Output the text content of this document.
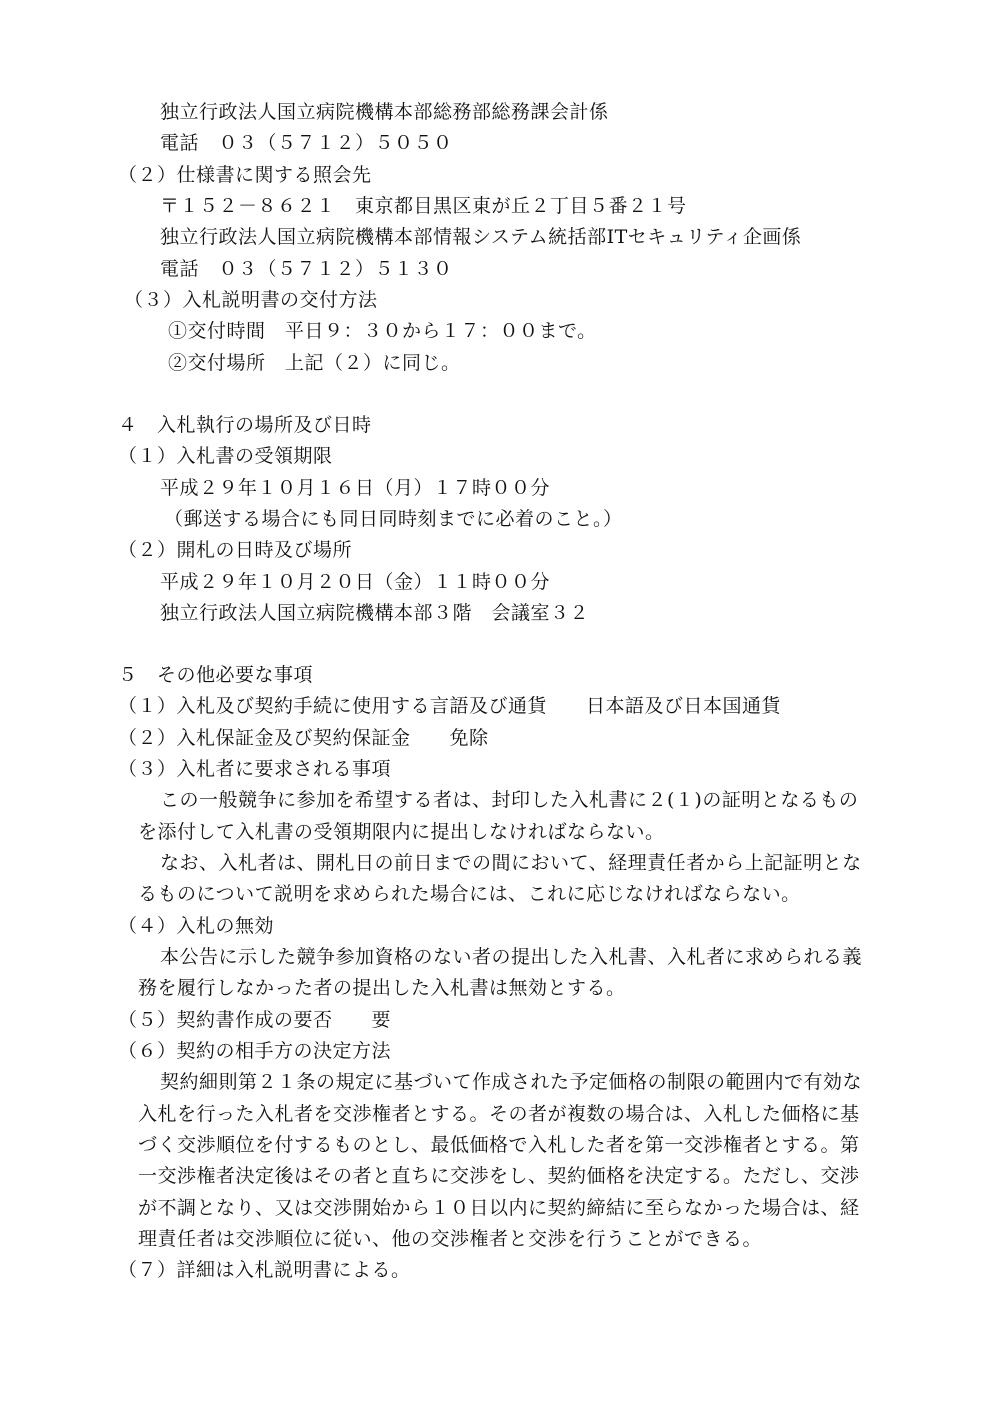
独立行政法人国立病院機構本部総務部総務課会計係
電話　０３（５７１２）５０５０
（２）仕様書に関する照会先
〒１５２－８６２１　東京都目黒区東が丘２丁目５番２１号
独立行政法人国立病院機構本部情報システム統括部ITセキュリティ企画係
電話　０３（５７１２）５１３０
（３）入札説明書の交付方法
①交付時間　平日９：３０から１７：００まで。
②交付場所　上記（２）に同じ。
４　入札執行の場所及び日時
（１）入札書の受領期限
平成２９年１０月１６日（月）１７時００分
（郵送する場合にも同日同時刻までに必着のこと。）
（２）開札の日時及び場所
平成２９年１０月２０日（金）１１時００分
独立行政法人国立病院機構本部３階　会議室３２
５　その他必要な事項
（１）入札及び契約手続に使用する言語及び通貨　　日本語及び日本国通貨
（２）入札保証金及び契約保証金　　免除
（３）入札者に要求される事項
この一般競争に参加を希望する者は、封印した入札書に２(１)の証明となるもの
を添付して入札書の受領期限内に提出しなければならない。
なお、入札者は、開札日の前日までの間において、経理責任者から上記証明とな
るものについて説明を求められた場合には、これに応じなければならない。
（４）入札の無効
本公告に示した競争参加資格のない者の提出した入札書、入札者に求められる義
務を履行しなかった者の提出した入札書は無効とする。
（５）契約書作成の要否　　要
（６）契約の相手方の決定方法
契約細則第２１条の規定に基づいて作成された予定価格の制限の範囲内で有効な
入札を行った入札者を交渉権者とする。その者が複数の場合は、入札した価格に基
づく交渉順位を付するものとし、最低価格で入札した者を第一交渉権者とする。第
一交渉権者決定後はその者と直ちに交渉をし、契約価格を決定する。ただし、交渉
が不調となり、又は交渉開始から１０日以内に契約締結に至らなかった場合は、経
理責任者は交渉順位に従い、他の交渉権者と交渉を行うことができる。
（７）詳細は入札説明書による。
